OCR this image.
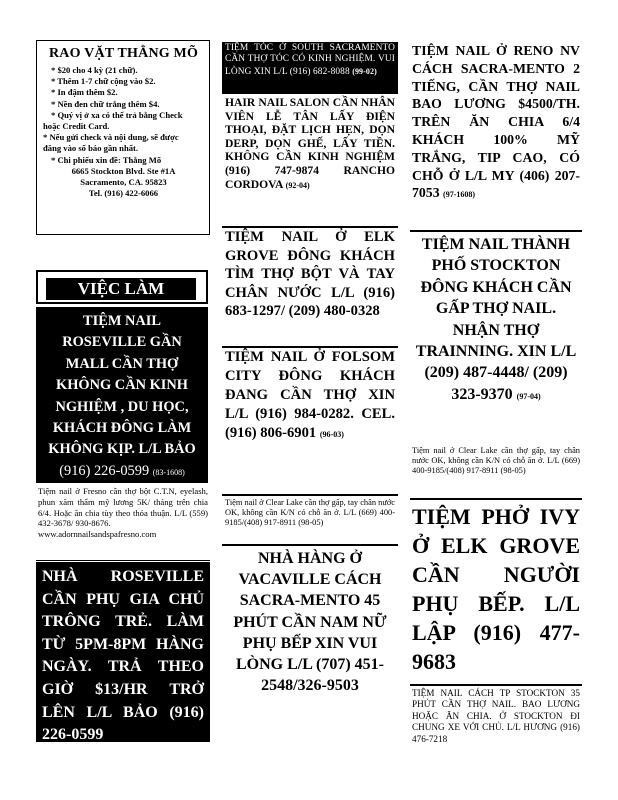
RAO VẶT THẰNG MÕ

* $20 cho 4 kỳ (21 chữ).

* Thêm 1-7 chữ cộng vào $2.

* In đậm thêm $2.

* Nền đen chữ trắng thêm $4.

* Quý vị ở xa có thể trả bằng Check

hoặc Credit Card.

* Nếu gửi check và nội dung, sẽ được

đăng vào số báo gần nhất.

* Chi phiếu xin đề: Thằng Mõ

6665 Stockton Blvd. Ste #1A

Sacramento, CA. 95823

Tel. (916) 422-6066

VIỆC LÀM
TIỆM NAIL ROSEVILLE GẦN MALL CẦN THỢ KHÔNG CẦN KINH NGHIỆM , DU HỌC, KHÁCH ĐÔNG LÀM KHÔNG KỊP. L/L BẢO
(916) 226-0599 (83-1608)

Tiệm nail ở Fresno cần thợ bột C.T.N, eyelash, phun xăm thẩm mỹ lương 5K/ tháng trên chia 6/4. Hoặc ăn chia tùy theo thỏa thuận. L/L (559) 432-3678/ 930-8676.

www.adornnailsandspafresno.com

NHÀ ROSEVILLE CẦN PHỤ GIA CHỦ TRÔNG TRẺ. LÀM TỪ 5PM-8PM HÀNG NGÀY. TRẢ THEO GIỜ $13/HR TRỞ LÊN L/L BẢO (916) 226-0599
TIỆM TÓC Ở SOUTH SACRAMENTO CẦN THỢ TÓC CÓ KINH NGHIỆM. VUI LÒNG XIN L/L (916) 682-8088 (99-02)
HAIR NAIL SALON CẦN NHÂN VIÊN LỄ TÂN LẤY ĐIỆN THOẠI, ĐẶT LỊCH HẸN, DỌN DERP, DỌN GHẾ, LẤY TIỀN. KHÔNG CẦN KINH NGHIỆM (916) 747-9874 RANCHO CORDOVA (92-04)
TIỆM NAIL Ở ELK GROVE ĐÔNG KHÁCH TÌM THỢ BỘT VÀ TAY CHÂN NƯỚC L/L (916) 683-1297/ (209) 480-0328
TIỆM NAIL Ở FOLSOM CITY ĐÔNG KHÁCH ĐANG CẦN THỢ XIN L/L (916) 984-0282. CEL. (916) 806-6901 (96-03)
Tiệm nail ở Clear Lake cần thợ gấp, tay chân nước OK, không cần K/N có chỗ ăn ở. L/L (669) 400-9185/(408) 917-8911 (98-05)
NHÀ HÀNG Ở VACAVILLE CÁCH SACRA-MENTO 45 PHÚT CẦN NAM NỮ PHỤ BẾP XIN VUI LÒNG L/L (707) 451-2548/326-9503
TIỆM NAIL Ở RENO NV CÁCH SACRA-MENTO 2 TIẾNG, CẦN THỢ NAIL BAO LƯƠNG $4500/TH. TRÊN ĂN CHIA 6/4 KHÁCH 100% MỸ TRẮNG, TIP CAO, CÓ CHỖ Ở L/L MY (406) 207-7053 (97-1608)
TIỆM NAIL THÀNH PHỐ STOCKTON ĐÔNG KHÁCH CẦN GẤP THỢ NAIL. NHẬN THỢ TRAINNING. XIN L/L (209) 487-4448/ (209) 323-9370 (97-04)
Tiệm nail ở Clear Lake cần thợ gấp, tay chân nước OK, không cần K/N có chỗ ăn ở. L/L (669) 400-9185/(408) 917-8911 (98-05)
TIỆM PHỞ IVY Ở ELK GROVE CẦN NGƯỜI PHỤ BẾP. L/L LẬP (916) 477-9683
TIỆM NAIL CÁCH TP STOCKTON 35 PHÚT CẦN THỢ NAIL. BAO LƯƠNG HOẶC ĂN CHIA. Ở STOCKTON ĐI CHUNG XE VỚI CHỦ. L/L HƯƠNG (916) 476-7218
